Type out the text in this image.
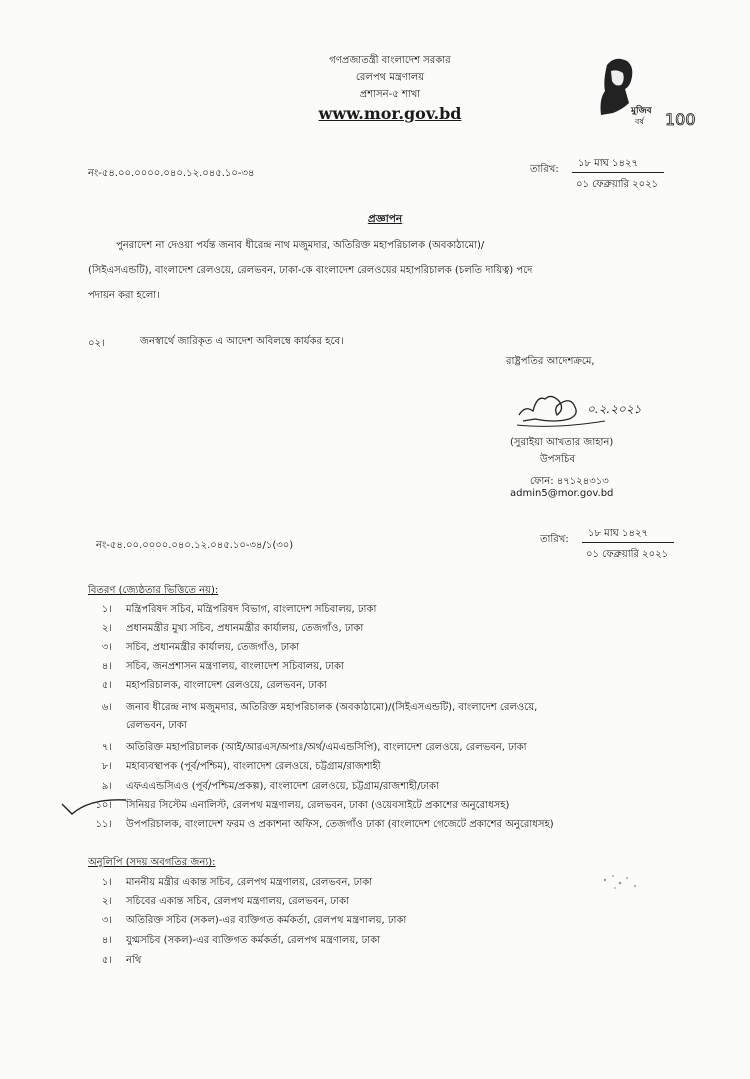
গণপ্রজাতন্ত্রী বাংলাদেশ সরকার
রেলপথ মন্ত্রণালয়
প্রশাসন-৫ শাখা
www.mor.gov.bd	মুজিব
বর্ষ 100
নং-৫৪.০০.০০০০.০৪০.১২.০৪৫.১০-৩৪	তারিখ:
১৮ মাঘ ১৪২৭
০১ ফেব্রুয়ারি ২০২১
প্রজ্ঞাপন
পুনরাদেশ না দেওয়া পর্যন্ত জনাব ধীরেন্দ্র নাথ মজুমদার, অতিরিক্ত মহাপরিচালক (অবকাঠামো)/
(সিইএসএন্ডটি), বাংলাদেশ রেলওয়ে, রেলভবন, ঢাকা-কে বাংলাদেশ রেলওয়ের মহাপরিচালক (চলতি দায়িত্ব) পদে
পদায়ন করা হলো।
০২।	জনস্বার্থে জারিকৃত এ আদেশ অবিলম্বে কার্যকর হবে।
রাষ্ট্রপতির আদেশক্রমে,
০.২.২০২১
(সুরাইয়া আখতার জাহান)
উপসচিব
ফোন: ৪৭১২৪৩১৩
admin5@mor.gov.bd
নং-৫৪.০০.০০০০.০৪০.১২.০৪৫.১০-৩৪/১(৩০)
তারিখ:
১৮ মাঘ ১৪২৭
০১ ফেব্রুয়ারি ২০২১
বিতরণ (জ্যেষ্ঠতার ভিত্তিতে নয়):
১। মন্ত্রিপরিষদ সচিব, মন্ত্রিপরিষদ বিভাগ, বাংলাদেশ সচিবালয়, ঢাকা
২। প্রধানমন্ত্রীর মুখ্য সচিব, প্রধানমন্ত্রীর কার্যালয়, তেজগাঁও, ঢাকা
৩। সচিব, প্রধানমন্ত্রীর কার্যালয়, তেজগাঁও, ঢাকা
৪। সচিব, জনপ্রশাসন মন্ত্রণালয়, বাংলাদেশ সচিবালয়, ঢাকা
৫। মহাপরিচালক, বাংলাদেশ রেলওয়ে, রেলভবন, ঢাকা
৬। জনাব ধীরেন্দ্র নাথ মজুমদার, অতিরিক্ত মহাপরিচালক (অবকাঠামো)/(সিইএসএন্ডটি), বাংলাদেশ রেলওয়ে,
রেলভবন, ঢাকা
৭। অতিরিক্ত মহাপরিচালক (আই/আরএস/অপাঃ/অর্থ/এমএন্ডসিপি), বাংলাদেশ রেলওয়ে, রেলভবন, ঢাকা
৮। মহাব্যবস্থাপক (পূর্ব/পশ্চিম), বাংলাদেশ রেলওয়ে, চট্টগ্রাম/রাজশাহী
৯। এফএএন্ডসিএও (পূর্ব/পশ্চিম/প্রকল্প), বাংলাদেশ রেলওয়ে, চট্টগ্রাম/রাজশাহী/ঢাকা
১০। সিনিয়র সিস্টেম এনালিস্ট, রেলপথ মন্ত্রণালয়, রেলভবন, ঢাকা (ওয়েবসাইটে প্রকাশের অনুরোধসহ)
১১। উপপরিচালক, বাংলাদেশ ফরম ও প্রকাশনা অফিস, তেজগাঁও ঢাকা (বাংলাদেশ গেজেটে প্রকাশের অনুরোধসহ)
অনুলিপি (সদয় অবগতির জন্য):
১। মাননীয় মন্ত্রীর একান্ত সচিব, রেলপথ মন্ত্রণালয়, রেলভবন, ঢাকা
২। সচিবের একান্ত সচিব, রেলপথ মন্ত্রণালয়, রেলভবন, ঢাকা
৩। অতিরিক্ত সচিব (সকল)-এর ব্যক্তিগত কর্মকর্তা, রেলপথ মন্ত্রণালয়, ঢাকা
৪। যুগ্মসচিব (সকল)-এর ব্যক্তিগত কর্মকর্তা, রেলপথ মন্ত্রণালয়, ঢাকা
৫। নথি
